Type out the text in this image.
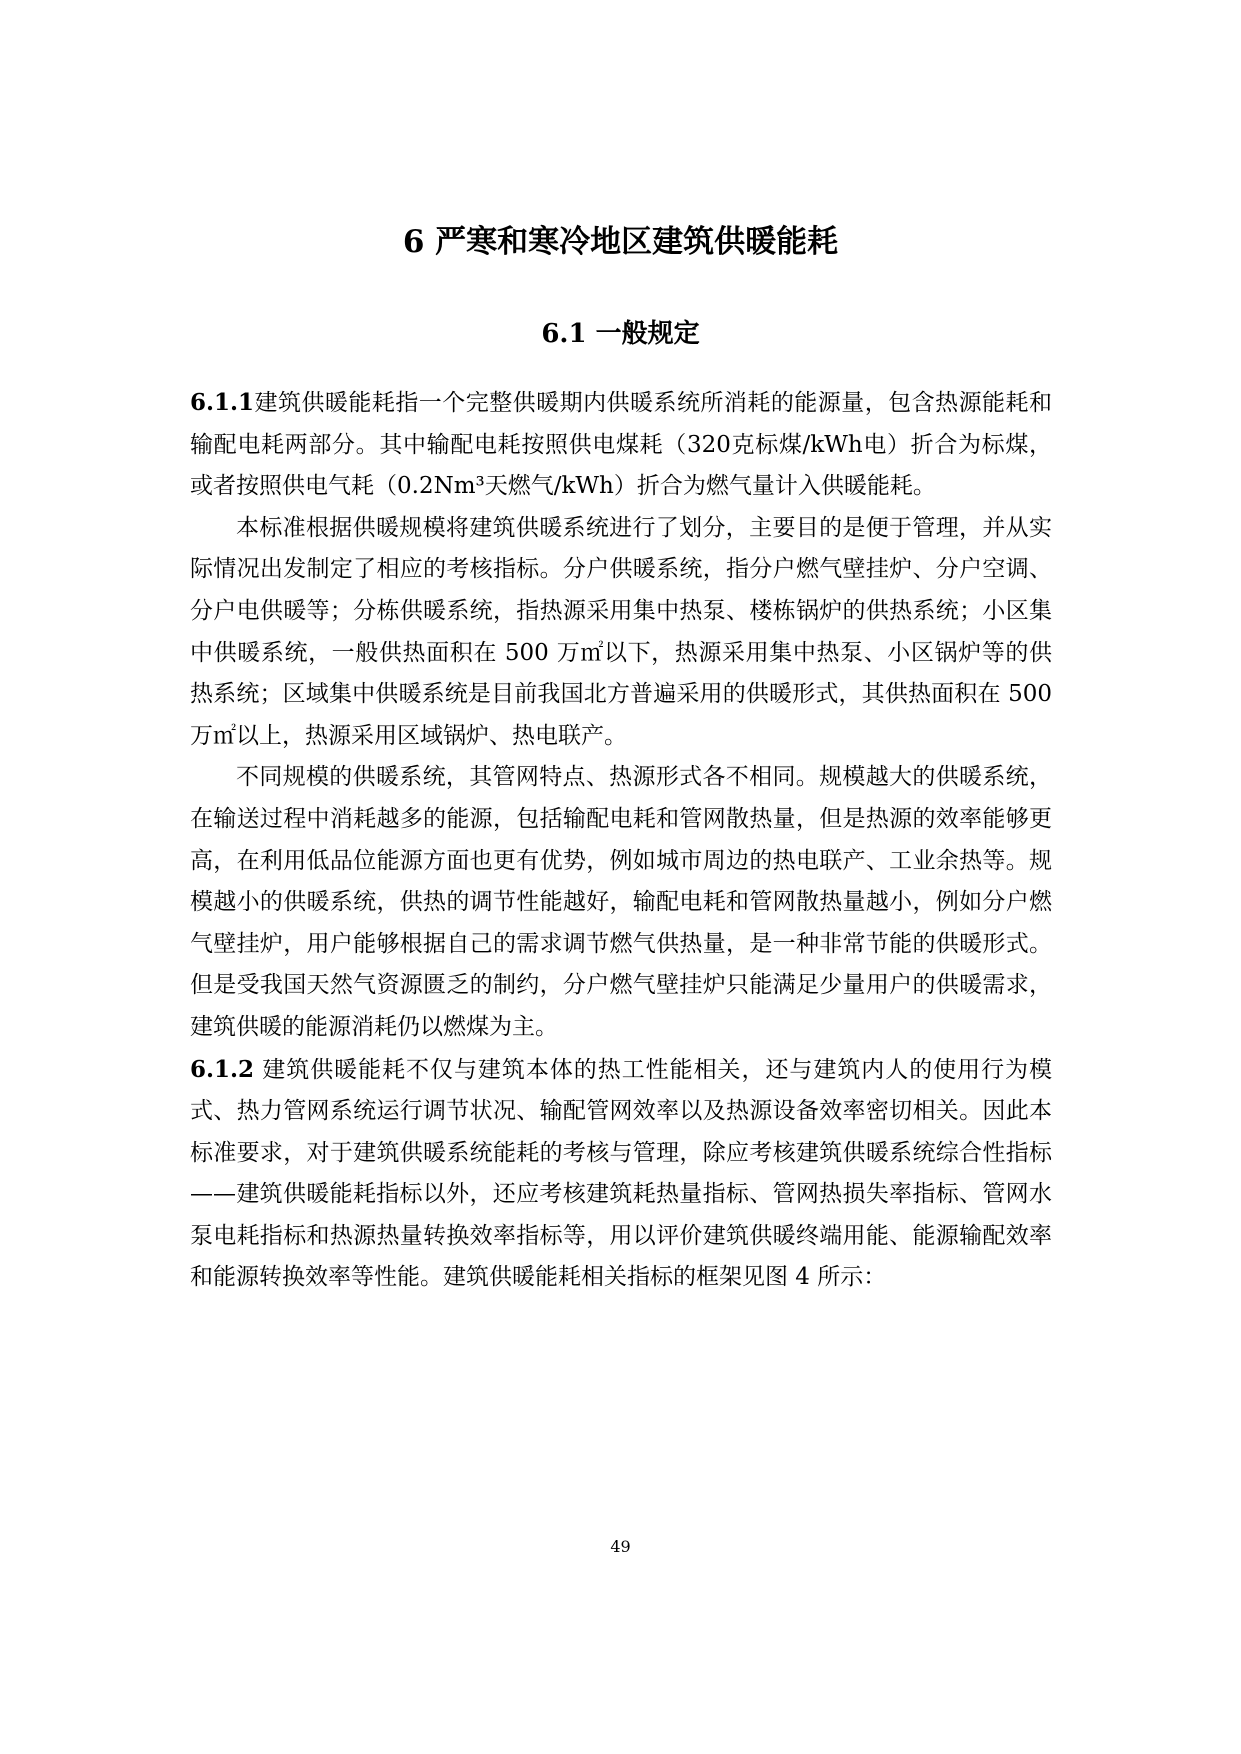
6 严寒和寒冷地区建筑供暖能耗
6.1 一般规定

6.1.1建筑供暖能耗指一个完整供暖期内供暖系统所消耗的能源量，包含热源能耗和输配电耗两部分。其中输配电耗按照供电煤耗（320克标煤/kWh电）折合为标煤，或者按照供电气耗（0.2Nm³天燃气/kWh）折合为燃气量计入供暖能耗。

本标准根据供暖规模将建筑供暖系统进行了划分，主要目的是便于管理，并从实际情况出发制定了相应的考核指标。分户供暖系统，指分户燃气壁挂炉、分户空调、分户电供暖等；分栋供暖系统，指热源采用集中热泵、楼栋锅炉的供热系统；小区集中供暖系统，一般供热面积在 500 万㎡以下，热源采用集中热泵、小区锅炉等的供热系统；区域集中供暖系统是目前我国北方普遍采用的供暖形式，其供热面积在 500 万㎡以上，热源采用区域锅炉、热电联产。

不同规模的供暖系统，其管网特点、热源形式各不相同。规模越大的供暖系统，在输送过程中消耗越多的能源，包括输配电耗和管网散热量，但是热源的效率能够更高，在利用低品位能源方面也更有优势，例如城市周边的热电联产、工业余热等。规模越小的供暖系统，供热的调节性能越好，输配电耗和管网散热量越小，例如分户燃气壁挂炉，用户能够根据自己的需求调节燃气供热量，是一种非常节能的供暖形式。但是受我国天然气资源匮乏的制约，分户燃气壁挂炉只能满足少量用户的供暖需求，建筑供暖的能源消耗仍以燃煤为主。

6.1.2 建筑供暖能耗不仅与建筑本体的热工性能相关，还与建筑内人的使用行为模式、热力管网系统运行调节状况、输配管网效率以及热源设备效率密切相关。因此本标准要求，对于建筑供暖系统能耗的考核与管理，除应考核建筑供暖系统综合性指标——建筑供暖能耗指标以外，还应考核建筑耗热量指标、管网热损失率指标、管网水泵电耗指标和热源热量转换效率指标等，用以评价建筑供暖终端用能、能源输配效率和能源转换效率等性能。建筑供暖能耗相关指标的框架见图 4 所示：

49
